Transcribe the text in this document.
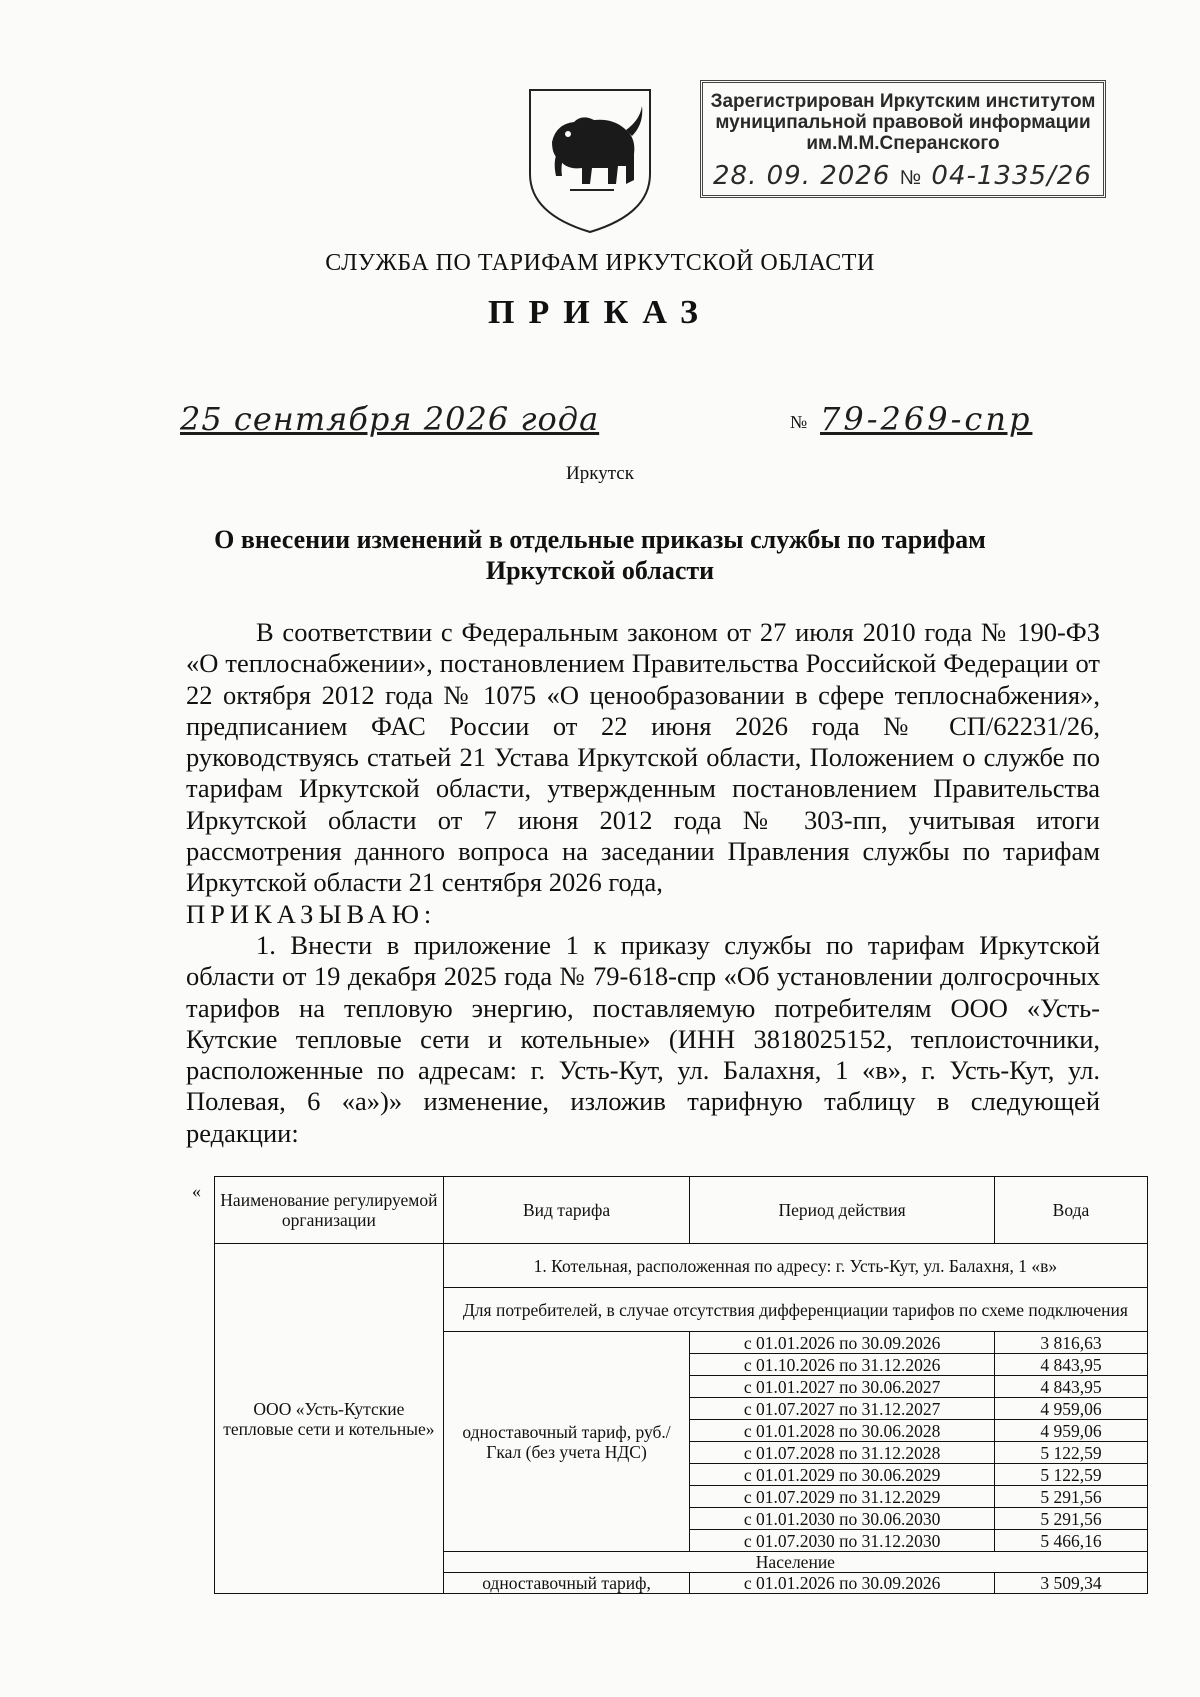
Зарегистрирован Иркутским институтом
муниципальной правовой информации
им.М.М.Сперанского
28. 09. 2026 № 04-1335/26
СЛУЖБА ПО ТАРИФАМ ИРКУТСКОЙ ОБЛАСТИ
ПРИКАЗ
25 сентября 2026 года	№ 79-269-спр
Иркутск
О внесении изменений в отдельные приказы службы по тарифам Иркутской области

В соответствии с Федеральным законом от 27 июля 2010 года № 190-ФЗ «О теплоснабжении», постановлением Правительства Российской Федерации от 22 октября 2012 года № 1075 «О ценообразовании в сфере теплоснабжения», предписанием ФАС России от 22 июня 2026 года № СП/62231/26, руководствуясь статьей 21 Устава Иркутской области, Положением о службе по тарифам Иркутской области, утвержденным постановлением Правительства Иркутской области от 7 июня 2012 года № 303-пп, учитывая итоги рассмотрения данного вопроса на заседании Правления службы по тарифам Иркутской области 21 сентября 2026 года,

ПРИКАЗЫВАЮ:

1. Внести в приложение 1 к приказу службы по тарифам Иркутской области от 19 декабря 2025 года № 79-618-спр «Об установлении долгосрочных тарифов на тепловую энергию, поставляемую потребителям ООО «Усть-Кутские тепловые сети и котельные» (ИНН 3818025152, теплоисточники, расположенные по адресам: г. Усть-Кут, ул. Балахня, 1 «в», г. Усть-Кут, ул. Полевая, 6 «а»)» изменение, изложив тарифную таблицу в следующей редакции:

« Наименование регулируемой организации	Вид тарифа	Период действия	Вода
ООО «Усть-Кутские тепловые сети и котельные»	1. Котельная, расположенная по адресу: г. Усть-Кут, ул. Балахня, 1 «в»		
	Для потребителей, в случае отсутствия дифференциации тарифов по схеме подключения		
	одноставочный тариф, руб./Гкал (без учета НДС)	с 01.01.2026 по 30.09.2026	3 816,63
		с 01.10.2026 по 31.12.2026	4 843,95
		с 01.01.2027 по 30.06.2027	4 843,95
		с 01.07.2027 по 31.12.2027	4 959,06
		с 01.01.2028 по 30.06.2028	4 959,06
		с 01.07.2028 по 31.12.2028	5 122,59
		с 01.01.2029 по 30.06.2029	5 122,59
		с 01.07.2029 по 31.12.2029	5 291,56
		с 01.01.2030 по 30.06.2030	5 291,56
		с 01.07.2030 по 31.12.2030	5 466,16
	Население		
	одноставочный тариф,	с 01.01.2026 по 30.09.2026	3 509,34
